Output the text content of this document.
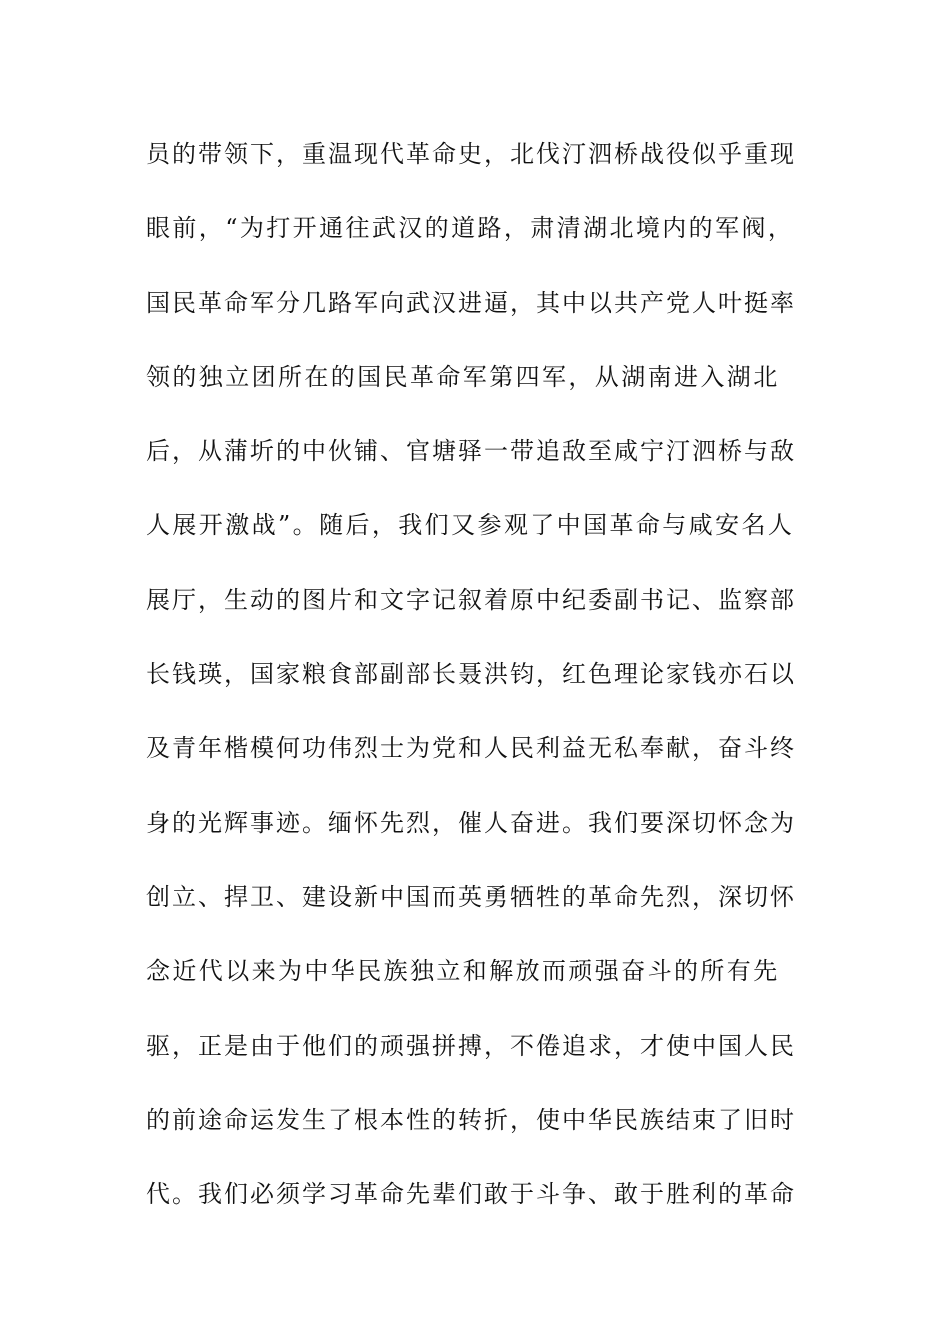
员的带领下，重温现代革命史，北伐汀泗桥战役似乎重现
眼前，“为打开通往武汉的道路，肃清湖北境内的军阀，
国民革命军分几路军向武汉进逼，其中以共产党人叶挺率
领的独立团所在的国民革命军第四军，从湖南进入湖北
后，从蒲圻的中伙铺、官塘驿一带追敌至咸宁汀泗桥与敌
人展开激战”。随后，我们又参观了中国革命与咸安名人
展厅，生动的图片和文字记叙着原中纪委副书记、监察部
长钱瑛，国家粮食部副部长聂洪钧，红色理论家钱亦石以
及青年楷模何功伟烈士为党和人民利益无私奉献，奋斗终
身的光辉事迹。缅怀先烈，催人奋进。我们要深切怀念为
创立、捍卫、建设新中国而英勇牺牲的革命先烈，深切怀
念近代以来为中华民族独立和解放而顽强奋斗的所有先
驱，正是由于他们的顽强拼搏，不倦追求，才使中国人民
的前途命运发生了根本性的转折，使中华民族结束了旧时
代。我们必须学习革命先辈们敢于斗争、敢于胜利的革命
